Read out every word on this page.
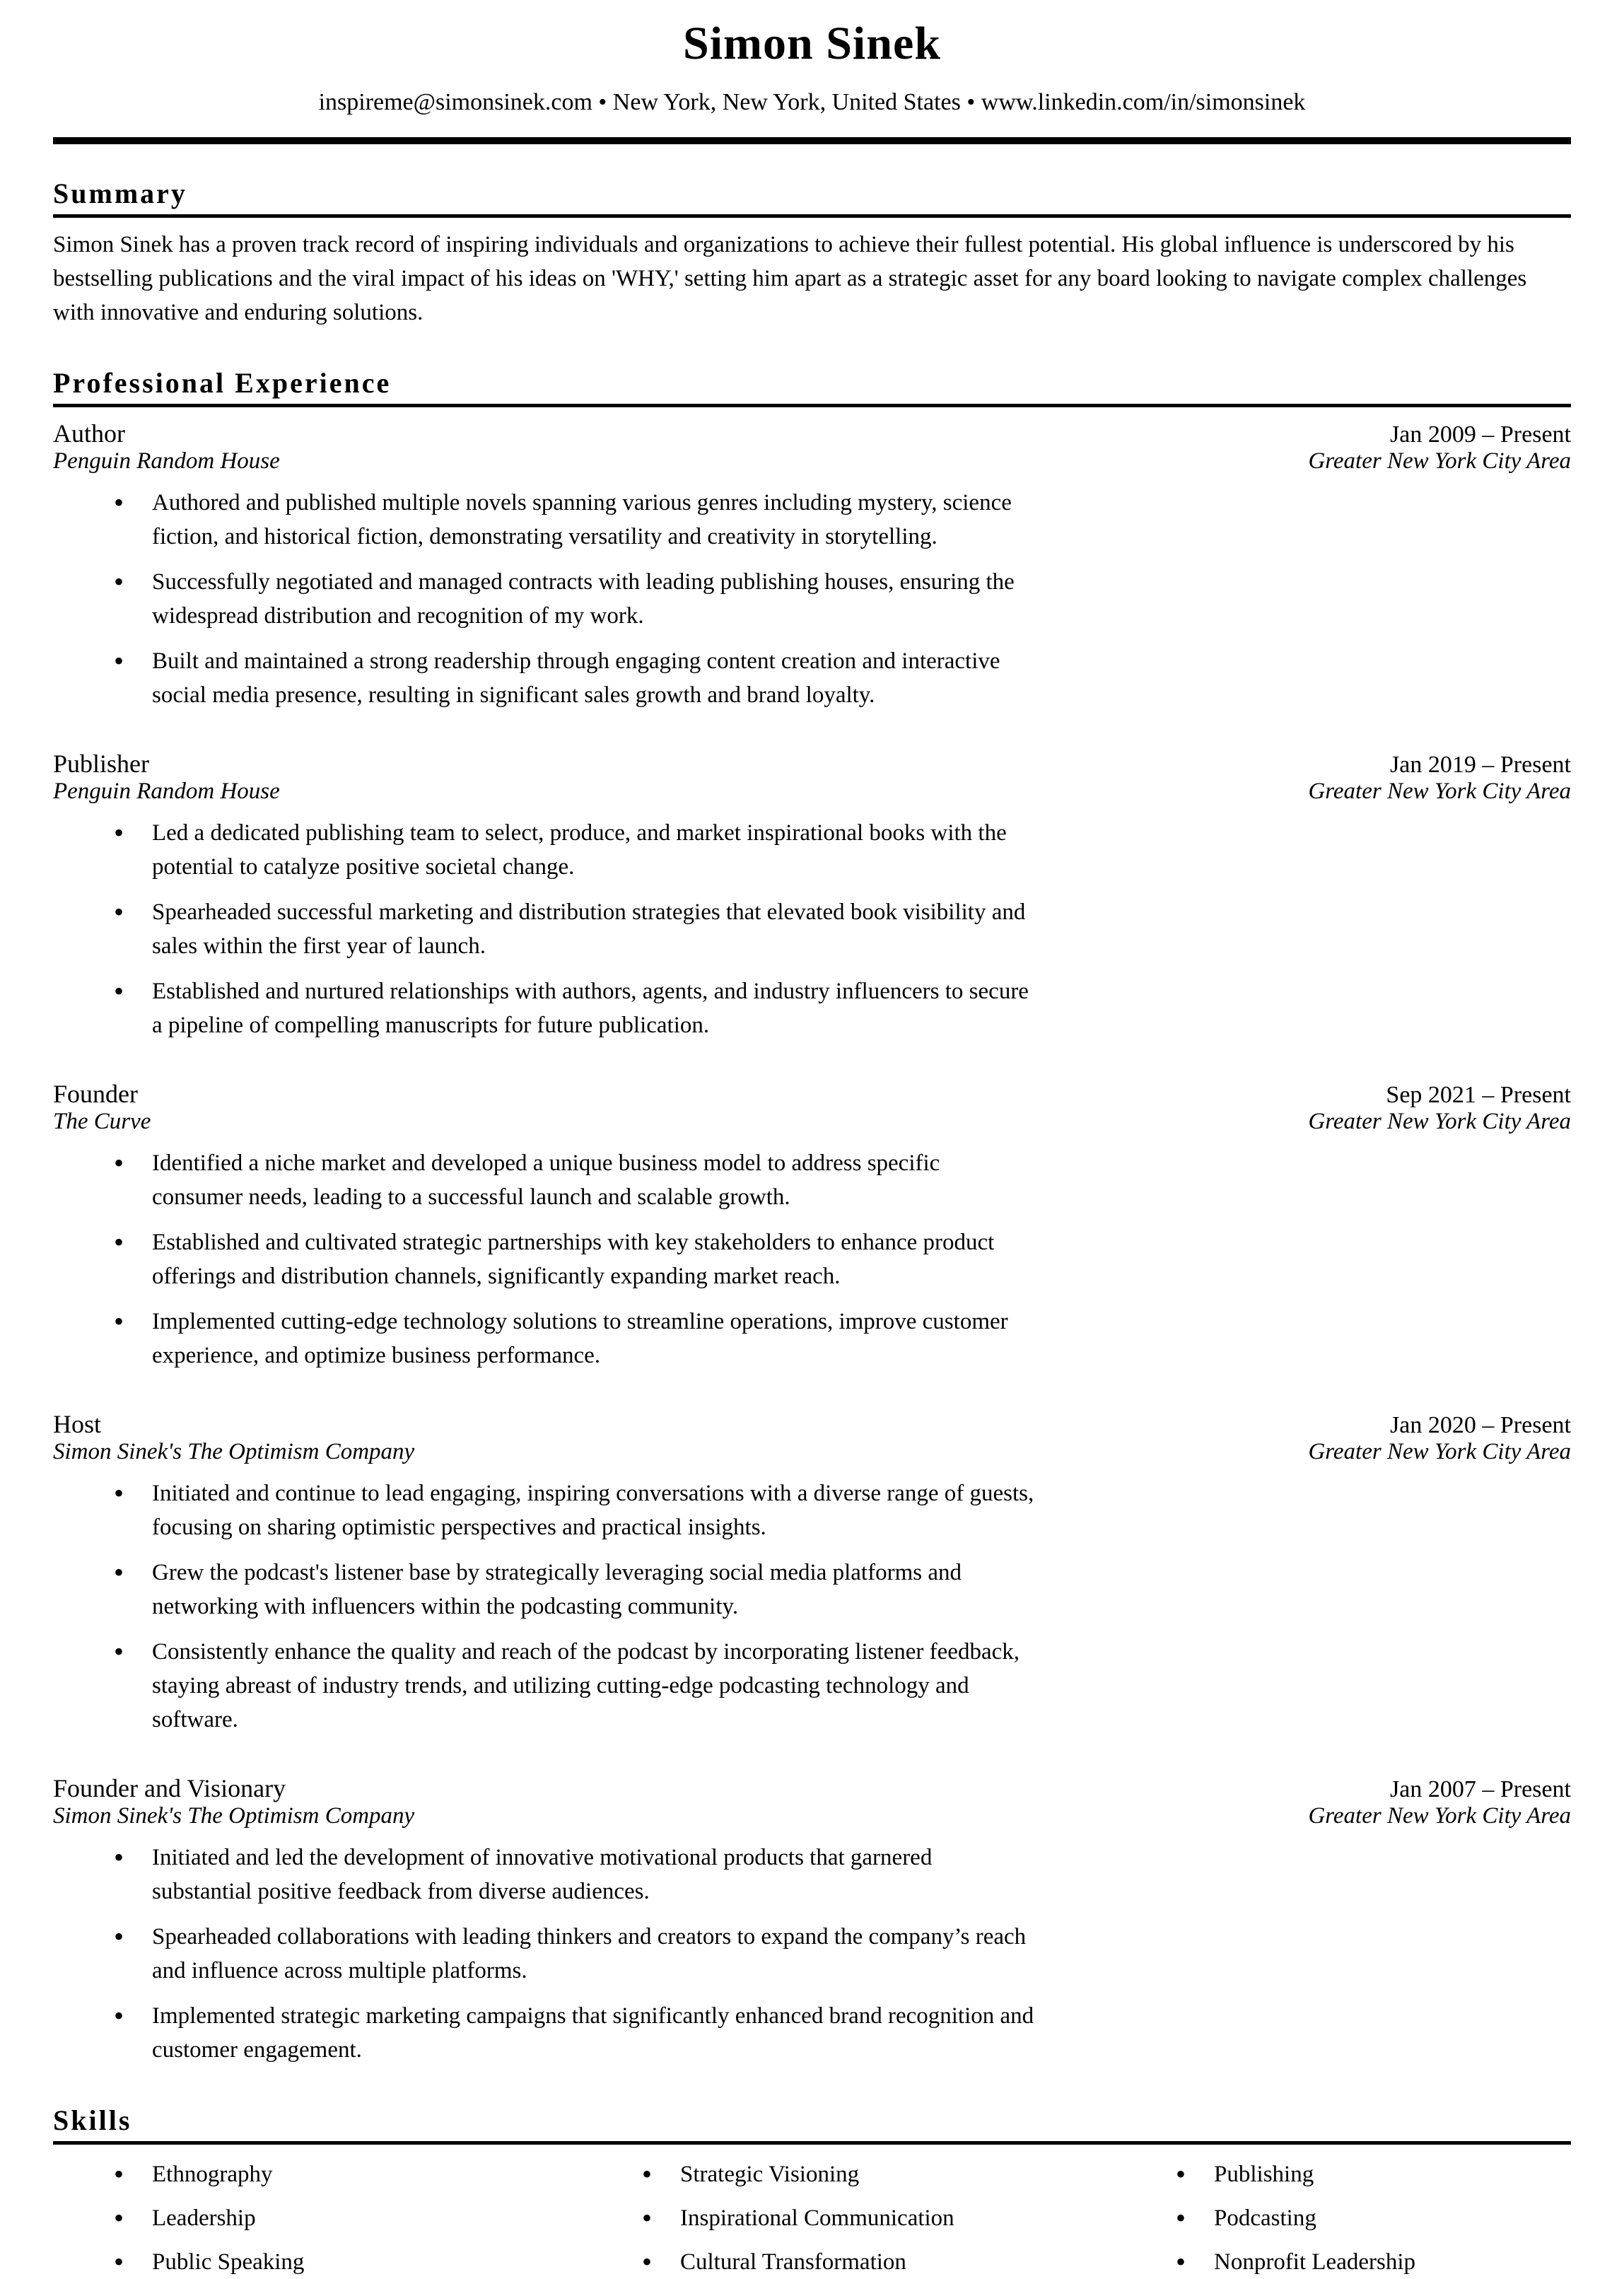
Simon Sinek
inspireme@simonsinek.com • New York, New York, United States • www.linkedin.com/in/simonsinek
Summary

Simon Sinek has a proven track record of inspiring individuals and organizations to achieve their fullest potential. His global influence is underscored by his bestselling publications and the viral impact of his ideas on 'WHY,' setting him apart as a strategic asset for any board looking to navigate complex challenges with innovative and enduring solutions.

Professional Experience
Author	Jan 2009 – Present
Penguin Random House	Greater New York City Area
• Authored and published multiple novels spanning various genres including mystery, science fiction, and historical fiction, demonstrating versatility and creativity in storytelling.
• Successfully negotiated and managed contracts with leading publishing houses, ensuring the widespread distribution and recognition of my work.
• Built and maintained a strong readership through engaging content creation and interactive social media presence, resulting in significant sales growth and brand loyalty.
Publisher	Jan 2019 – Present
Penguin Random House	Greater New York City Area
• Led a dedicated publishing team to select, produce, and market inspirational books with the potential to catalyze positive societal change.
• Spearheaded successful marketing and distribution strategies that elevated book visibility and sales within the first year of launch.
• Established and nurtured relationships with authors, agents, and industry influencers to secure a pipeline of compelling manuscripts for future publication.
Founder	Sep 2021 – Present
The Curve	Greater New York City Area
• Identified a niche market and developed a unique business model to address specific consumer needs, leading to a successful launch and scalable growth.
• Established and cultivated strategic partnerships with key stakeholders to enhance product offerings and distribution channels, significantly expanding market reach.
• Implemented cutting-edge technology solutions to streamline operations, improve customer experience, and optimize business performance.
Host	Jan 2020 – Present
Simon Sinek's The Optimism Company	Greater New York City Area
• Initiated and continue to lead engaging, inspiring conversations with a diverse range of guests, focusing on sharing optimistic perspectives and practical insights.
• Grew the podcast's listener base by strategically leveraging social media platforms and networking with influencers within the podcasting community.
• Consistently enhance the quality and reach of the podcast by incorporating listener feedback, staying abreast of industry trends, and utilizing cutting-edge podcasting technology and software.
Founder and Visionary	Jan 2007 – Present
Simon Sinek's The Optimism Company	Greater New York City Area
• Initiated and led the development of innovative motivational products that garnered substantial positive feedback from diverse audiences.
• Spearheaded collaborations with leading thinkers and creators to expand the company’s reach and influence across multiple platforms.
• Implemented strategic marketing campaigns that significantly enhanced brand recognition and customer engagement.
Skills
• Ethnography
• Leadership
• Public Speaking
• Strategic Visioning
• Inspirational Communication
• Cultural Transformation
• Publishing
• Podcasting
• Nonprofit Leadership
